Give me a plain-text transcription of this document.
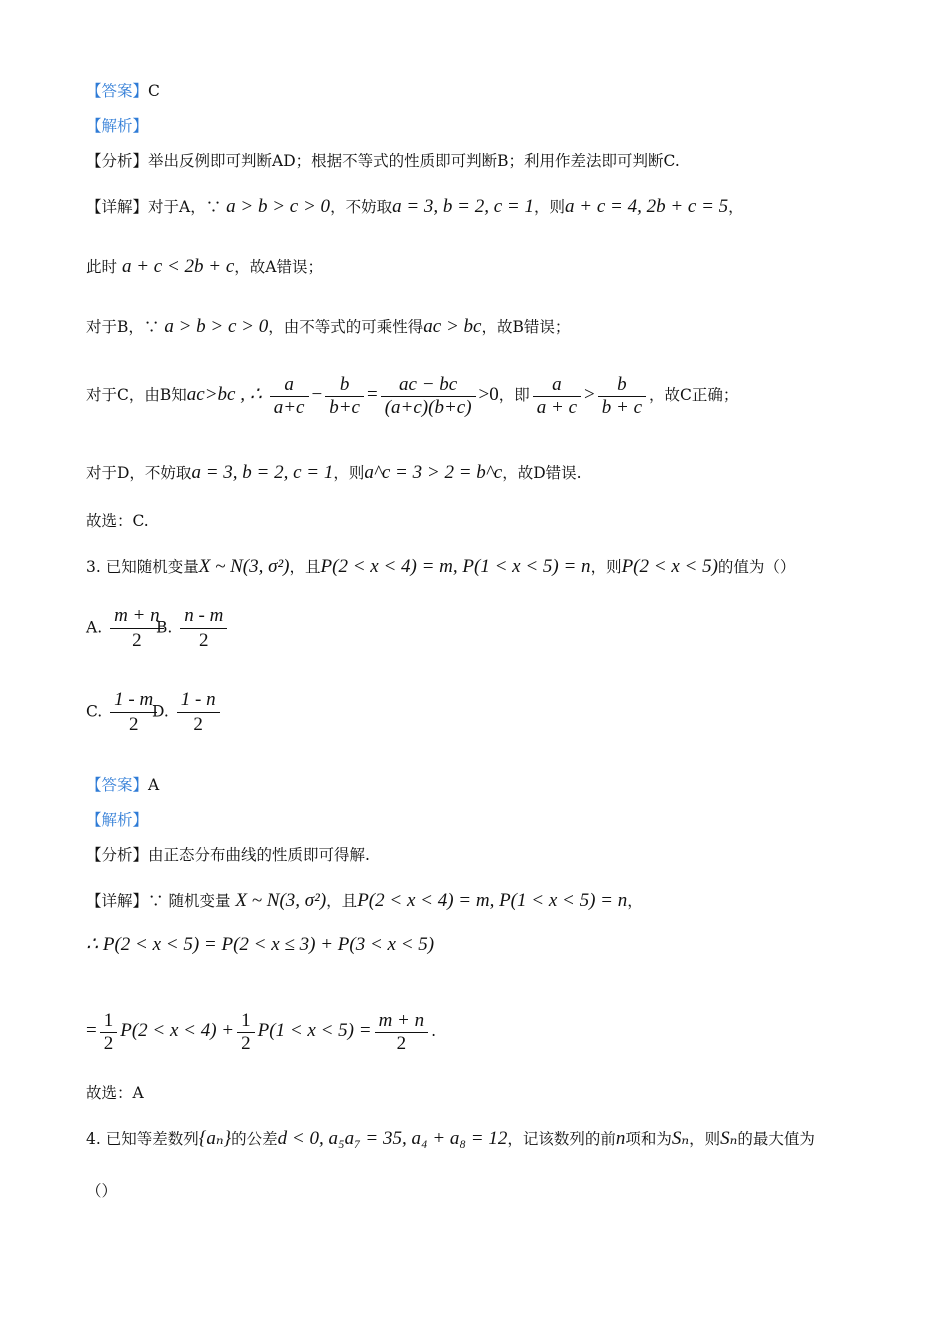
【答案】C
【解析】
【分析】举出反例即可判断AD；根据不等式的性质即可判断B；利用作差法即可判断C.
【详解】对于A，∵ a > b > c > 0，不妨取a = 3, b = 2, c = 1，则a + c = 4, 2b + c = 5，
此时 a + c < 2b + c，故A错误；
对于B，∵ a > b > c > 0，由不等式的可乘性得ac > bc，故B错误；
对于C，由B知ac>bc , ∴ $\frac{a}{a+c} - \frac{b}{b+c} = \frac{ac - bc}{(a+c)(b+c)} >0$，即 $\frac{a}{a + c} > \frac{b}{b + c}$ ，故C正确；
对于D，不妨取a = 3, b = 2, c = 1，则a^c = 3 > 2 = b^c，故D错误.
故选：C.
3. 已知随机变量X ~ N(3, σ²)，且P(2 < x < 4) = m, P(1 < x < 5) = n，则P(2 < x < 5)的值为（）
A. $\frac{m + n}{2}$
B. $\frac{n - m}{2}$
C. $\frac{1 - m}{2}$
D. $\frac{1 - n}{2}$
【答案】A
【解析】
【分析】由正态分布曲线的性质即可得解.
【详解】∵ 随机变量 X ~ N(3, σ²)，且P(2 < x < 4) = m, P(1 < x < 5) = n，
∴ P(2 < x < 5) = P(2 < x ≤ 3) + P(3 < x < 5)
= $\frac{1}{2} P(2 < x < 4) + \frac{1}{2} P(1 < x < 5) = \frac{m + n}{2}$ .
故选：A
4. 已知等差数列{aₙ}的公差d < 0, a₅a₇ = 35, a₄ + a₈ = 12，记该数列的前n项和为Sₙ，则Sₙ的最大值为
（）
